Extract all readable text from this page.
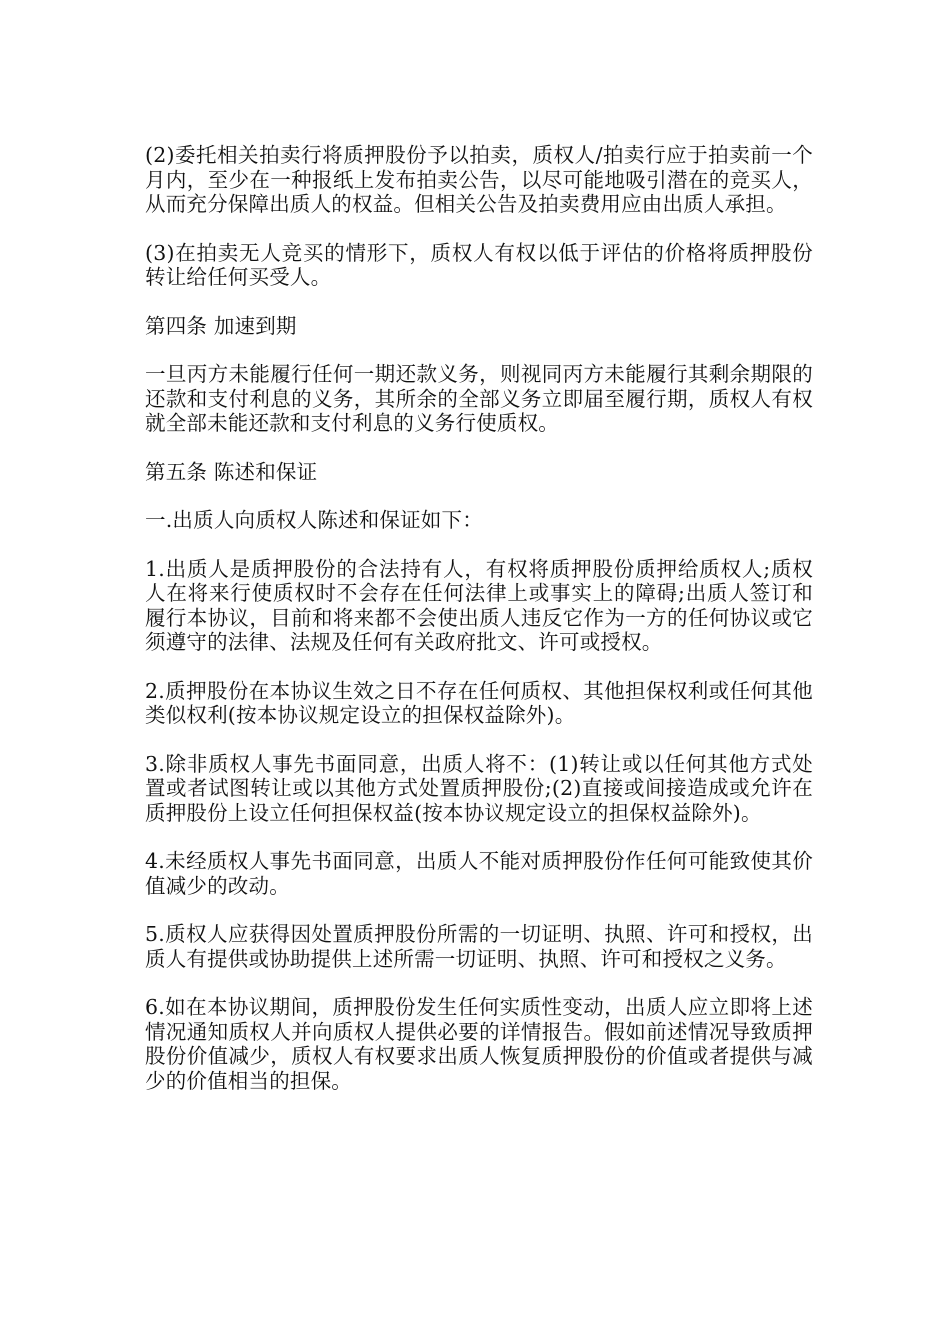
(2)委托相关拍卖行将质押股份予以拍卖，质权人/拍卖行应于拍卖前一个月内，至少在一种报纸上发布拍卖公告，以尽可能地吸引潜在的竞买人，从而充分保障出质人的权益。但相关公告及拍卖费用应由出质人承担。

(3)在拍卖无人竞买的情形下，质权人有权以低于评估的价格将质押股份转让给任何买受人。

第四条 加速到期

一旦丙方未能履行任何一期还款义务，则视同丙方未能履行其剩余期限的还款和支付利息的义务，其所余的全部义务立即届至履行期，质权人有权就全部未能还款和支付利息的义务行使质权。

第五条 陈述和保证

一.出质人向质权人陈述和保证如下：

1.出质人是质押股份的合法持有人，有权将质押股份质押给质权人;质权人在将来行使质权时不会存在任何法律上或事实上的障碍;出质人签订和履行本协议，目前和将来都不会使出质人违反它作为一方的任何协议或它须遵守的法律、法规及任何有关政府批文、许可或授权。

2.质押股份在本协议生效之日不存在任何质权、其他担保权利或任何其他类似权利(按本协议规定设立的担保权益除外)。

3.除非质权人事先书面同意，出质人将不：(1)转让或以任何其他方式处置或者试图转让或以其他方式处置质押股份;(2)直接或间接造成或允许在质押股份上设立任何担保权益(按本协议规定设立的担保权益除外)。

4.未经质权人事先书面同意，出质人不能对质押股份作任何可能致使其价值减少的改动。

5.质权人应获得因处置质押股份所需的一切证明、执照、许可和授权，出质人有提供或协助提供上述所需一切证明、执照、许可和授权之义务。

6.如在本协议期间，质押股份发生任何实质性变动，出质人应立即将上述情况通知质权人并向质权人提供必要的详情报告。假如前述情况导致质押股份价值减少，质权人有权要求出质人恢复质押股份的价值或者提供与减少的价值相当的担保。
